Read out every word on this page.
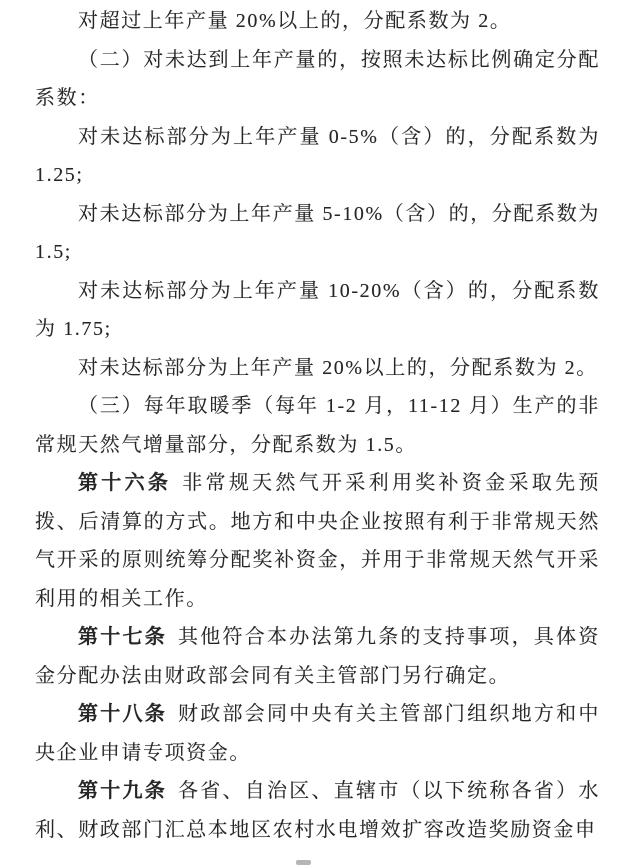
对超过上年产量 20%以上的，分配系数为 2。

（二）对未达到上年产量的，按照未达标比例确定分配系数：

对未达标部分为上年产量 0-5%（含）的，分配系数为 1.25;

对未达标部分为上年产量 5-10%（含）的，分配系数为 1.5;

对未达标部分为上年产量 10-20%（含）的，分配系数为 1.75;

对未达标部分为上年产量 20%以上的，分配系数为 2。

（三）每年取暖季（每年 1-2 月，11-12 月）生产的非常规天然气增量部分，分配系数为 1.5。

第十六条 非常规天然气开采利用奖补资金采取先预拨、后清算的方式。地方和中央企业按照有利于非常规天然气开采的原则统筹分配奖补资金，并用于非常规天然气开采利用的相关工作。

第十七条 其他符合本办法第九条的支持事项，具体资金分配办法由财政部会同有关主管部门另行确定。

第十八条 财政部会同中央有关主管部门组织地方和中央企业申请专项资金。

第十九条 各省、自治区、直辖市（以下统称各省）水利、财政部门汇总本地区农村水电增效扩容改造奖励资金申
